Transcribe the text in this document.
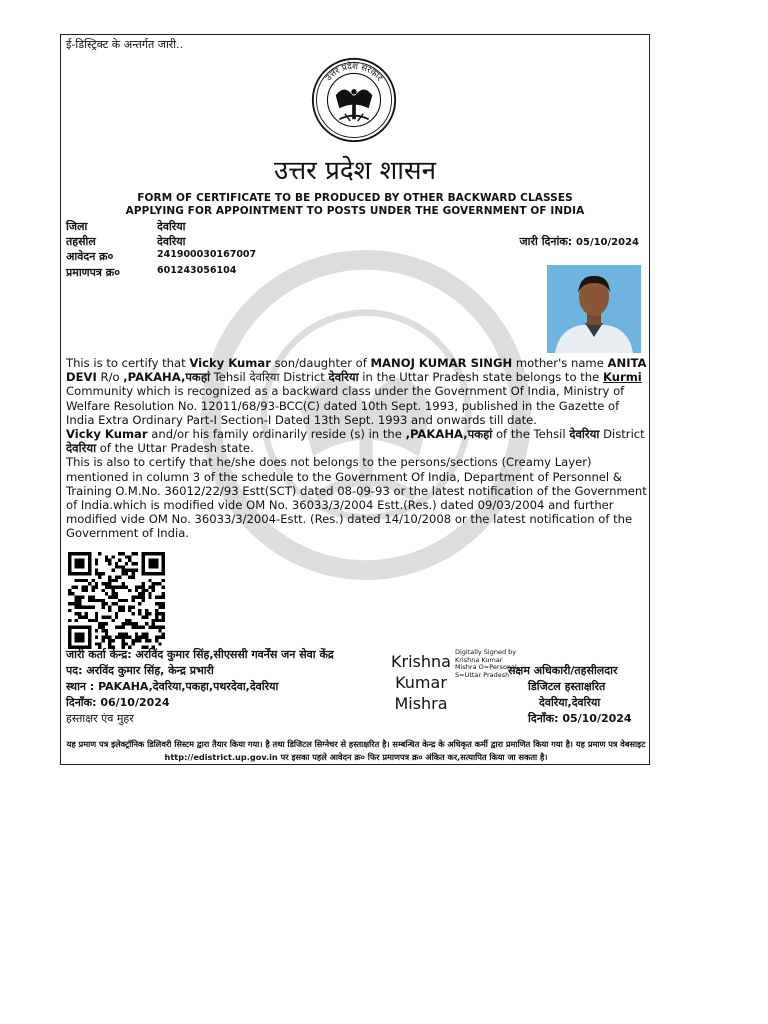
ई-डिस्ट्रिक्ट के अन्तर्गत जारी..
उत्तर प्रदेश सरकार
उत्तर प्रदेश शासन
FORM OF CERTIFICATE TO BE PRODUCED BY OTHER BACKWARD CLASSES
APPLYING FOR APPOINTMENT TO POSTS UNDER THE GOVERNMENT OF INDIA
जिला	देवरिया
तहसील	देवरिया
आवेदन क्र०	241900030167007
प्रमाणपत्र क्र०	601243056104
जारी दिनांक: 05/10/2024

This is to certify that Vicky Kumar son/daughter of MANOJ KUMAR SINGH mother's name ANITA DEVI R/o ,PAKAHA,पकहां Tehsil देवरिया District देवरिया in the Uttar Pradesh state belongs to the Kurmi Community which is recognized as a backward class under the Government Of India, Ministry of Welfare Resolution No. 12011/68/93-BCC(C) dated 10th Sept. 1993, published in the Gazette of India Extra Ordinary Part-I Section-I Dated 13th Sept. 1993 and onwards till date.

Vicky Kumar and/or his family ordinarily reside (s) in the ,PAKAHA,पकहां of the Tehsil देवरिया District देवरिया of the Uttar Pradesh state.

This is also to certify that he/she does not belongs to the persons/sections (Creamy Layer) mentioned in column 3 of the schedule to the Government Of India, Department of Personnel & Training O.M.No. 36012/22/93 Estt(SCT) dated 08-09-93 or the latest notification of the Government of India.which is modified vide OM No. 36033/3/2004 Estt.(Res.) dated 09/03/2004 and further modified vide OM No. 36033/3/2004-Estt. (Res.) dated 14/10/2008 or the latest notification of the Government of India.

जारी कर्ता केन्द्र: अरविंद कुमार सिंह,सीएससी गवर्नेंस जन सेवा केंद्र
पद: अरविंद कुमार सिंह, केन्द्र प्रभारी
स्थान : PAKAHA,देवरिया,पकहा,पथरदेवा,देवरिया
दिनाँक: 06/10/2024
हस्ताक्षर एंव मुहर
Krishna
Kumar
Mishra
Digitally Signed by Krishna Kumar Mishra O=Personal, S=Uttar Pradesh
सक्षम अधिकारी/तहसीलदार
डिजिटल हस्ताक्षरित
देवरिया,देवरिया
दिनाँक: 05/10/2024
यह प्रमाण पत्र इलेक्ट्रॉनिक डिलिवरी सिस्टम द्वारा तैयार किया गया। है तथा डिजिटल सिग्नेचर से हस्ताक्षरित है। सम्बन्धित केन्द्र के अधिकृत कर्मी द्वारा प्रमाणित किया गया है। यह प्रमाण पत्र वेबसाइट http://edistrict.up.gov.in पर इसका पहले आवेदन क्र० फिर प्रमाणपत्र क्र० अंकित कर,सत्यापित किया जा सकता है।
